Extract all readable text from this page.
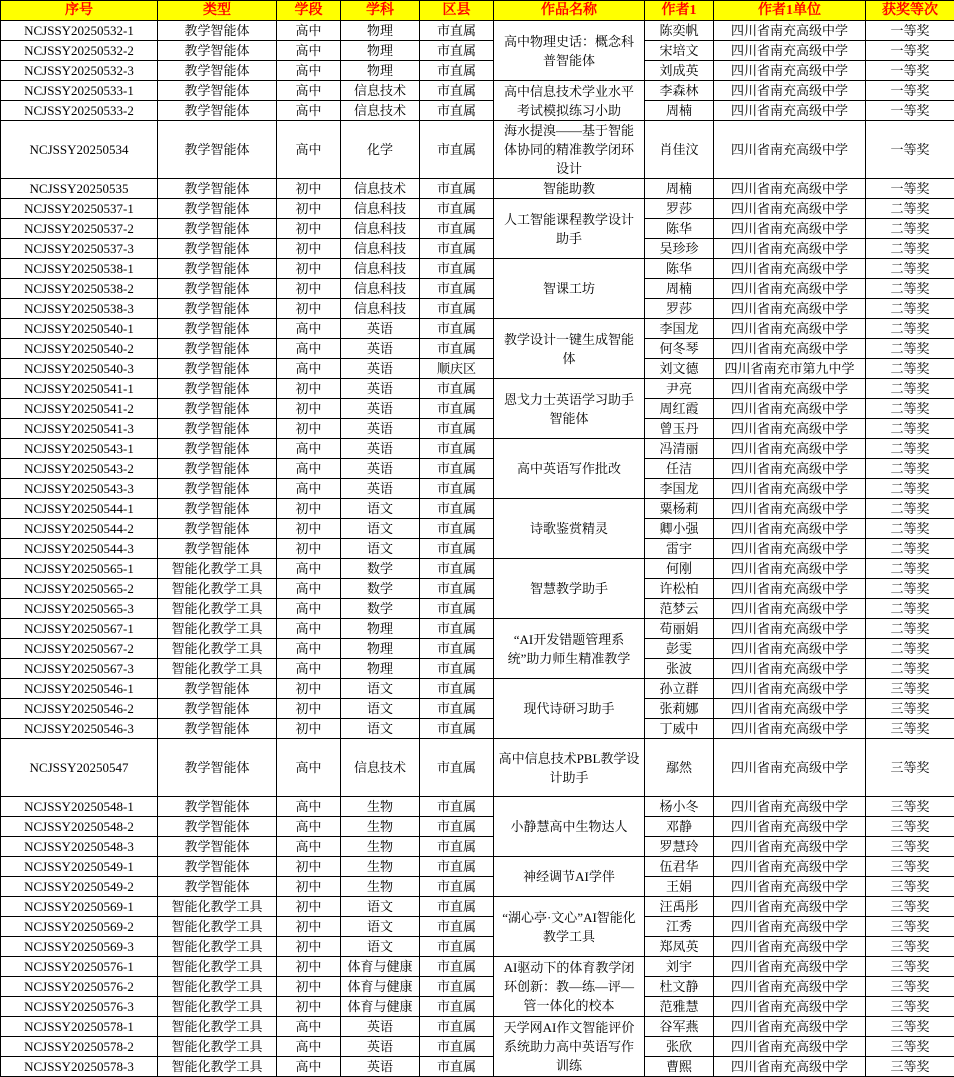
序号	类型	学段	学科	区县	作品名称	作者1	作者1单位	获奖等次
NCJSSY20250532-1	教学智能体	高中	物理	市直属	高中物理史话：概念科普智能体	陈奕帆	四川省南充高级中学	一等奖
NCJSSY20250532-2	教学智能体	高中	物理	市直属		宋培文	四川省南充高级中学	一等奖
NCJSSY20250532-3	教学智能体	高中	物理	市直属		刘成英	四川省南充高级中学	一等奖
NCJSSY20250533-1	教学智能体	高中	信息技术	市直属	高中信息技术学业水平考试模拟练习小助	李森林	四川省南充高级中学	一等奖
NCJSSY20250533-2	教学智能体	高中	信息技术	市直属		周楠	四川省南充高级中学	一等奖
NCJSSY20250534	教学智能体	高中	化学	市直属	海水提溴——基于智能体协同的精准教学闭环设计	肖佳汶	四川省南充高级中学	一等奖
NCJSSY20250535	教学智能体	初中	信息技术	市直属	智能助教	周楠	四川省南充高级中学	一等奖
NCJSSY20250537-1	教学智能体	初中	信息科技	市直属	人工智能课程教学设计助手	罗莎	四川省南充高级中学	二等奖
NCJSSY20250537-2	教学智能体	初中	信息科技	市直属		陈华	四川省南充高级中学	二等奖
NCJSSY20250537-3	教学智能体	初中	信息科技	市直属		吴珍珍	四川省南充高级中学	二等奖
NCJSSY20250538-1	教学智能体	初中	信息科技	市直属	智课工坊	陈华	四川省南充高级中学	二等奖
NCJSSY20250538-2	教学智能体	初中	信息科技	市直属		周楠	四川省南充高级中学	二等奖
NCJSSY20250538-3	教学智能体	初中	信息科技	市直属		罗莎	四川省南充高级中学	二等奖
NCJSSY20250540-1	教学智能体	高中	英语	市直属	教学设计一键生成智能体	李国龙	四川省南充高级中学	二等奖
NCJSSY20250540-2	教学智能体	高中	英语	市直属		何冬琴	四川省南充高级中学	二等奖
NCJSSY20250540-3	教学智能体	高中	英语	顺庆区		刘文德	四川省南充市第九中学	二等奖
NCJSSY20250541-1	教学智能体	初中	英语	市直属	恩戈力士英语学习助手智能体	尹亮	四川省南充高级中学	二等奖
NCJSSY20250541-2	教学智能体	初中	英语	市直属		周红霞	四川省南充高级中学	二等奖
NCJSSY20250541-3	教学智能体	初中	英语	市直属		曾玉丹	四川省南充高级中学	二等奖
NCJSSY20250543-1	教学智能体	高中	英语	市直属	高中英语写作批改	冯清丽	四川省南充高级中学	二等奖
NCJSSY20250543-2	教学智能体	高中	英语	市直属		任洁	四川省南充高级中学	二等奖
NCJSSY20250543-3	教学智能体	高中	英语	市直属		李国龙	四川省南充高级中学	二等奖
NCJSSY20250544-1	教学智能体	初中	语文	市直属	诗歌鉴赏精灵	粟杨莉	四川省南充高级中学	二等奖
NCJSSY20250544-2	教学智能体	初中	语文	市直属		卿小强	四川省南充高级中学	二等奖
NCJSSY20250544-3	教学智能体	初中	语文	市直属		雷宇	四川省南充高级中学	二等奖
NCJSSY20250565-1	智能化教学工具	高中	数学	市直属	智慧教学助手	何刚	四川省南充高级中学	二等奖
NCJSSY20250565-2	智能化教学工具	高中	数学	市直属		许松柏	四川省南充高级中学	二等奖
NCJSSY20250565-3	智能化教学工具	高中	数学	市直属		范梦云	四川省南充高级中学	二等奖
NCJSSY20250567-1	智能化教学工具	高中	物理	市直属	“AI开发错题管理系统”助力师生精准教学	苟丽娟	四川省南充高级中学	二等奖
NCJSSY20250567-2	智能化教学工具	高中	物理	市直属		彭雯	四川省南充高级中学	二等奖
NCJSSY20250567-3	智能化教学工具	高中	物理	市直属		张波	四川省南充高级中学	二等奖
NCJSSY20250546-1	教学智能体	初中	语文	市直属	现代诗研习助手	孙立群	四川省南充高级中学	三等奖
NCJSSY20250546-2	教学智能体	初中	语文	市直属		张莉娜	四川省南充高级中学	三等奖
NCJSSY20250546-3	教学智能体	初中	语文	市直属		丁威中	四川省南充高级中学	三等奖
NCJSSY20250547	教学智能体	高中	信息技术	市直属	高中信息技术PBL教学设计助手	鄢然	四川省南充高级中学	三等奖
NCJSSY20250548-1	教学智能体	高中	生物	市直属	小静慧高中生物达人	杨小冬	四川省南充高级中学	三等奖
NCJSSY20250548-2	教学智能体	高中	生物	市直属		邓静	四川省南充高级中学	三等奖
NCJSSY20250548-3	教学智能体	高中	生物	市直属		罗慧玲	四川省南充高级中学	三等奖
NCJSSY20250549-1	教学智能体	初中	生物	市直属	神经调节AI学伴	伍君华	四川省南充高级中学	三等奖
NCJSSY20250549-2	教学智能体	初中	生物	市直属		王娟	四川省南充高级中学	三等奖
NCJSSY20250569-1	智能化教学工具	初中	语文	市直属	“湖心亭·文心”AI智能化教学工具	汪禹彤	四川省南充高级中学	三等奖
NCJSSY20250569-2	智能化教学工具	初中	语文	市直属		江秀	四川省南充高级中学	三等奖
NCJSSY20250569-3	智能化教学工具	初中	语文	市直属		郑凤英	四川省南充高级中学	三等奖
NCJSSY20250576-1	智能化教学工具	初中	体育与健康	市直属	AI驱动下的体育教学闭环创新：教—练—评—管一体化的校本	刘宇	四川省南充高级中学	三等奖
NCJSSY20250576-2	智能化教学工具	初中	体育与健康	市直属		杜文静	四川省南充高级中学	三等奖
NCJSSY20250576-3	智能化教学工具	初中	体育与健康	市直属		范雅慧	四川省南充高级中学	三等奖
NCJSSY20250578-1	智能化教学工具	高中	英语	市直属	天学网AI作文智能评价系统助力高中英语写作训练	谷军燕	四川省南充高级中学	三等奖
NCJSSY20250578-2	智能化教学工具	高中	英语	市直属		张欣	四川省南充高级中学	三等奖
NCJSSY20250578-3	智能化教学工具	高中	英语	市直属		曹熙	四川省南充高级中学	三等奖
